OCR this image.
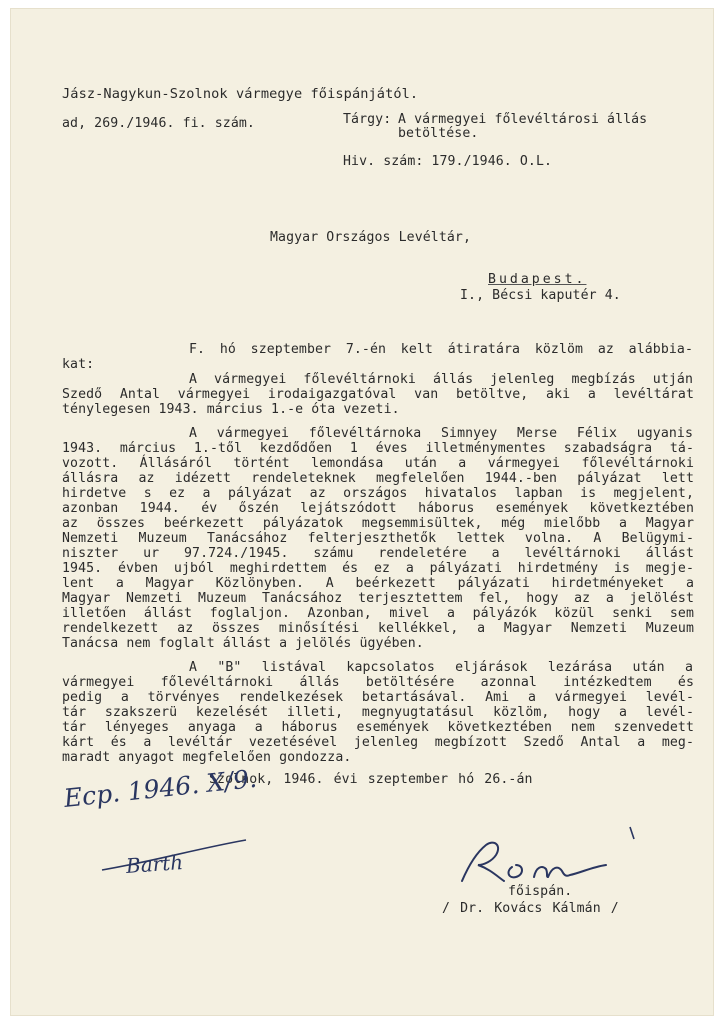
Jász-Nagykun-Szolnok vármegye főispánjától.
ad, 269./1946. fi. szám.	Tárgy: A vármegyei főlevéltárosi állás
betöltése.
Hiv. szám: 179./1946. O.L.
Magyar Országos Levéltár,
Budapest.
I., Bécsi kaputér 4.
F. hó szeptember 7.-én kelt átiratára közlöm az alábbia-
kat:
A vármegyei főlevéltárnoki állás jelenleg megbízás utján
Szedő Antal vármegyei irodaigazgatóval van betöltve, aki a levéltárat
ténylegesen 1943. március 1.-e óta vezeti.
A vármegyei főlevéltárnoka Simnyey Merse Félix ugyanis
1943. március 1.-től kezdődően 1 éves illetménymentes szabadságra tá-
vozott. Állásáról történt lemondása után a vármegyei főlevéltárnoki
állásra az idézett rendeleteknek megfelelően 1944.-ben pályázat lett
hirdetve s ez a pályázat az országos hivatalos lapban is megjelent,
azonban 1944. év őszén lejátszódott háborus események következtében
az összes beérkezett pályázatok megsemmisültek, még mielőbb a Magyar
Nemzeti Muzeum Tanácsához felterjeszthetők lettek volna. A Belügymi-
niszter ur 97.724./1945. számu rendeletére a levéltárnoki állást
1945. évben ujból meghirdettem és ez a pályázati hirdetmény is megje-
lent a Magyar Közlönyben. A beérkezett pályázati hirdetményeket a
Magyar Nemzeti Muzeum Tanácsához terjesztettem fel, hogy az a jelölést
illetően állást foglaljon. Azonban, mivel a pályázók közül senki sem
rendelkezett az összes minősítési kellékkel, a Magyar Nemzeti Muzeum
Tanácsa nem foglalt állást a jelölés ügyében.
A "B" listával kapcsolatos eljárások lezárása után a
vármegyei főlevéltárnoki állás betöltésére azonnal intézkedtem és
pedig a törvényes rendelkezések betartásával. Ami a vármegyei levél-
tár szakszerü kezelését illeti, megnyugtatásul közlöm, hogy a levél-
tár lényeges anyaga a háborus események következtében nem szenvedett
kárt és a levéltár vezetésével jelenleg megbízott Szedő Antal a meg-
maradt anyagot megfelelően gondozza.
Szolnok, 1946. évi szeptember hó 26.-án
Ecp. 1946. X/9.
Barth
főispán.
/ Dr. Kovács Kálmán /
